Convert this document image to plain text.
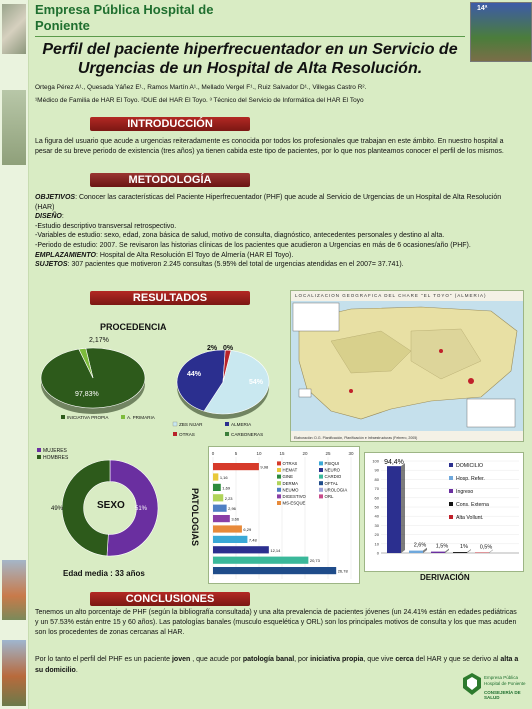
Empresa Pública Hospital de
Poniente
14ª
Perfil del paciente hiperfrecuentador en un Servicio de
Urgencias de un Hospital de Alta Resolución.
Ortega Pérez A¹., Quesada Yáñez E¹., Ramos Martín A¹., Mellado Vergel F¹., Ruiz Salvador D¹., Villegas Castro R².
¹Médico de Familia de HAR El Toyo. ²DUE del HAR El Toyo. ³ Técnico del Servicio de Informática del HAR El Toyo
INTRODUCCIÓN
La figura del usuario que acude a urgencias reiteradamente es conocida por todos los profesionales que trabajan en este ámbito. En nuestro hospital a pesar de su breve periodo de existencia (tres años) ya tienen cabida este tipo de pacientes, por lo que nos planteamos conocer el perfil de los mismos.
METODOLOGÍA
OBJETIVOS: Conocer las características del Paciente Hiperfrecuentador (PHF) que acude al Servicio de Urgencias de un Hospital de Alta Resolución (HAR)
DISEÑO:
-Estudio descriptivo transversal retrospectivo.
-Variables de estudio: sexo, edad, zona básica de salud, motivo de consulta, diagnóstico, antecedentes personales y destino al alta.
-Periodo de estudio: 2007. Se revisaron las historias clínicas de los pacientes que acudieron a Urgencias en más de 6 ocasiones/año (PHF).
EMPLAZAMIENTO: Hospital de Alta Resolución El Toyo de Almería (HAR El Toyo).
SUJETOS: 307 pacientes que motiveron 2.245 consultas (5.95% del total de urgencias atendidas en el 2007= 37.741).
RESULTADOS	LOCALIZACION GEOGRAFICA DEL CHARE "EL TOYO" (ALMERIA)
Elaboración: D.G. Planificación, Planificación e Infraestructuras (Febrero, 2005)
PROCEDENCIA
2,17%
97,83%
INICIATIVA PROPIA	A. PRIMARIA
2% 0%
44%
54%
ZBS NIJAR	ALMERIA
OTRAS	CARBONERAS
MUJERES
HOMBRES
SEXO
49%	51%
Edad media : 33 años
0	5	10	15	20	25	30
9,98
1,16
1,69
2,23
2,96
3,66
6,29
7,48
12,14
20,73
26,78
OTRAS
HEMAT
GINE
DERMA
NEUMO
DIGESTIVO
MS-ESQUE
PSIQUI
NEURO
CARDIO
OFTAL
UROLOGIA
ORL
PATOLOGIAS
0
10
20
30
40
50
60
70
80
90
100 94,4%
2,6% 1,5% 1% 0,5%
DOMICILIO
Hosp. Refer.
Ingreso
Cons. Externa
Alta Vollunt.
DERIVACIÓN
CONCLUSIONES
Tenemos un alto porcentaje de PHF (según la bibliografía consultada) y una alta prevalencia de pacientes jóvenes (un 24.41% están en edades pediátricas y un 57.53% están entre 15 y 60 años). Las patologías banales (musculo esquelética y ORL) son los principales motivos de consulta y los que mas acuden son los procedentes de zonas cercanas al HAR.
Por lo tanto el perfil del PHF es un paciente joven , que acude por patología banal, por iniciativa propia, que vive cerca del HAR y que se derivo al alta a su domicilio.
Empresa Pública Hospital de Poniente
CONSEJERÍA DE SALUD
